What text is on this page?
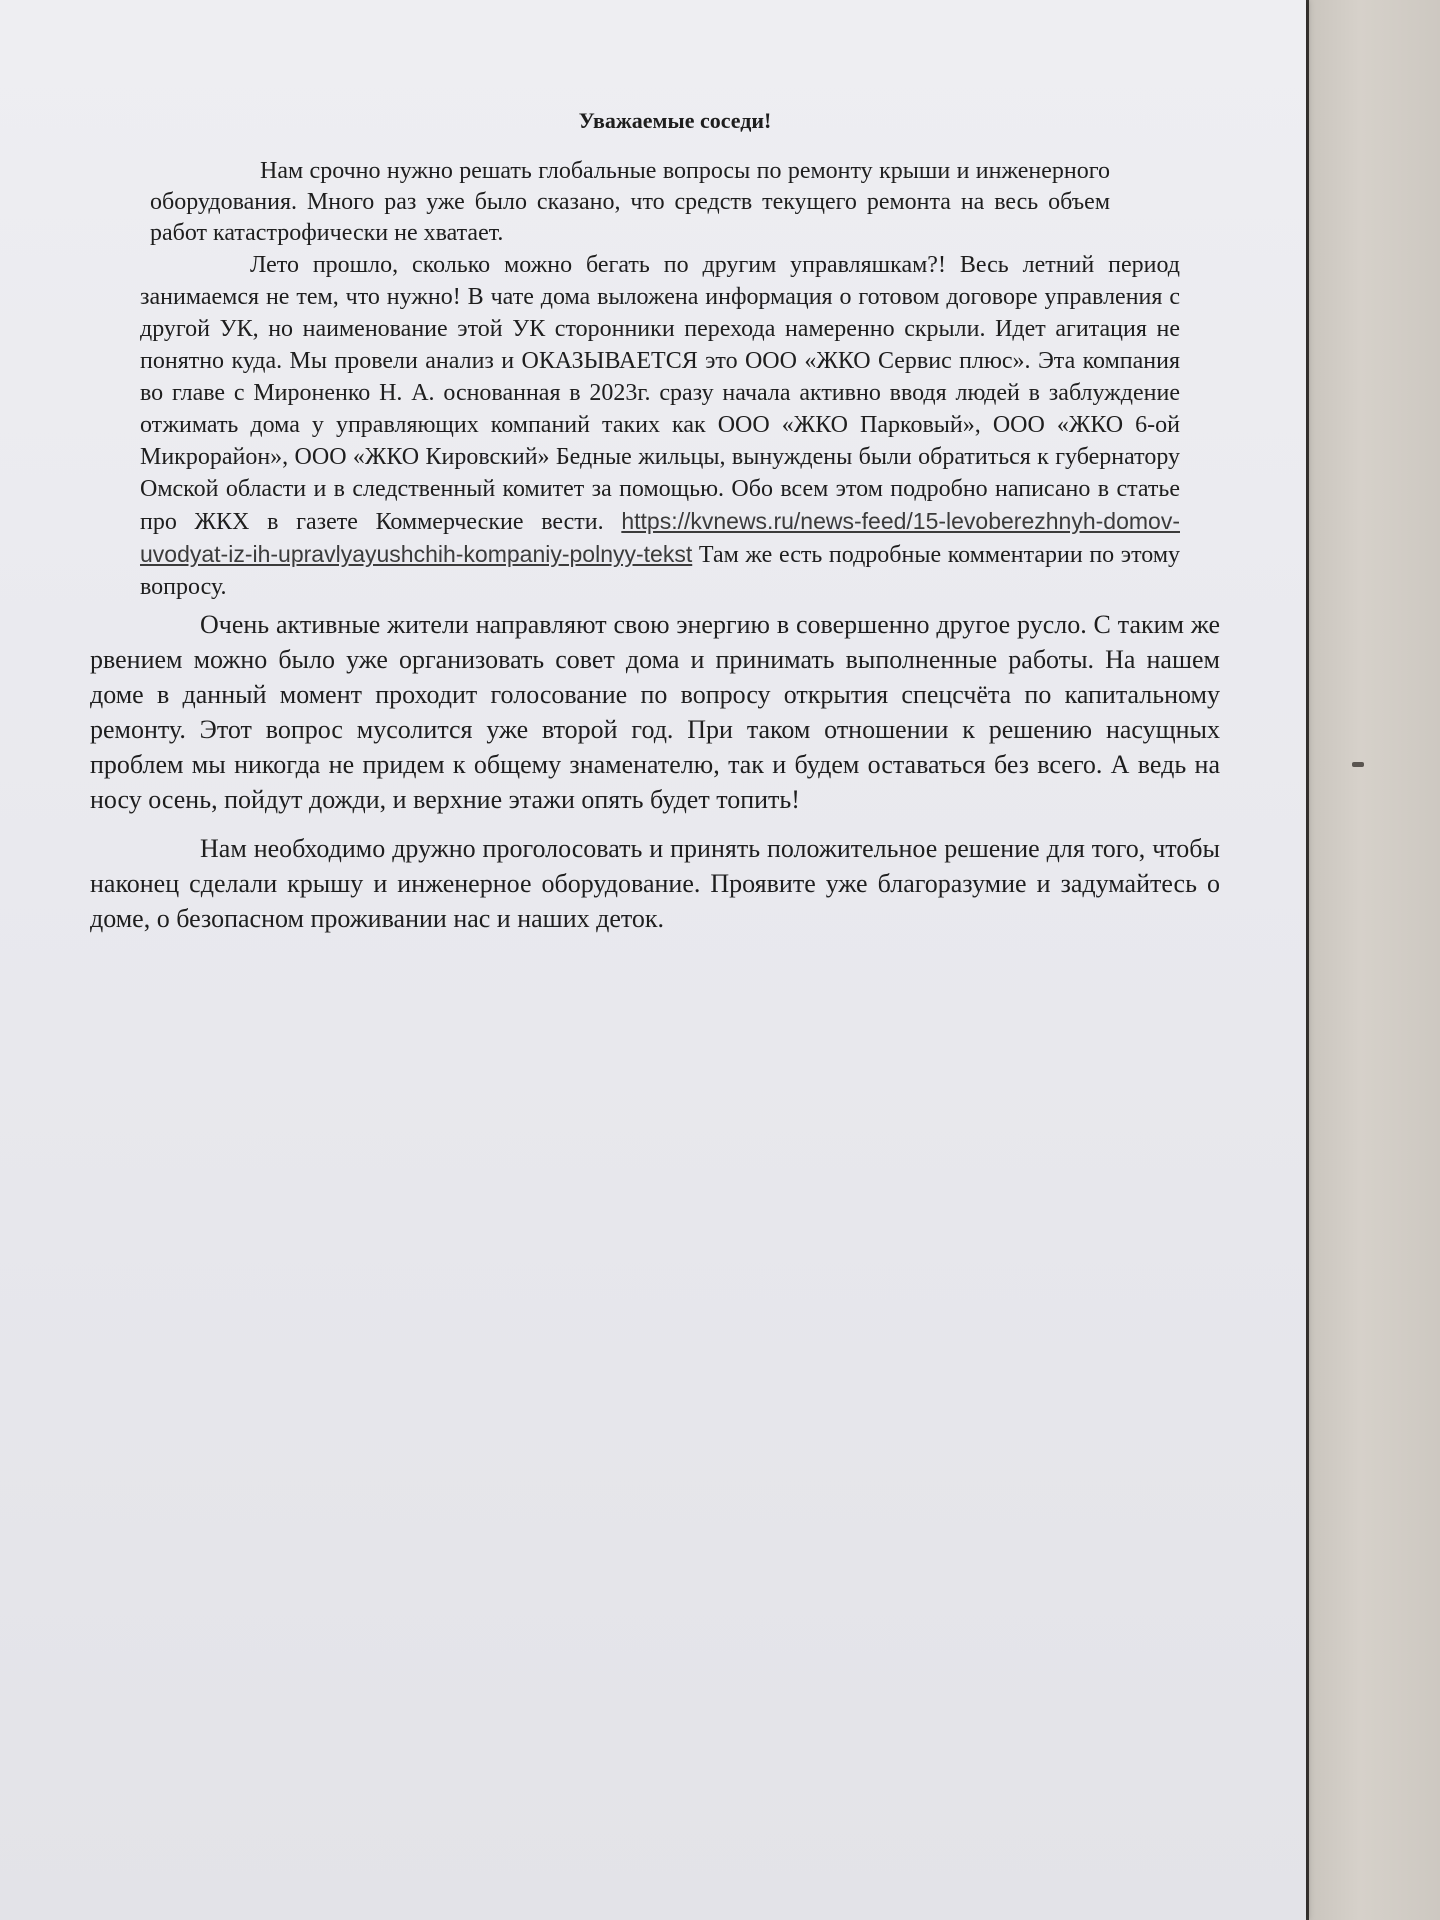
Уважаемые соседи!

Нам срочно нужно решать глобальные вопросы по ремонту крыши и инженерного оборудования. Много раз уже было сказано, что средств текущего ремонта на весь объем работ катастрофически не хватает.

Лето прошло, сколько можно бегать по другим управляшкам?! Весь летний период занимаемся не тем, что нужно! В чате дома выложена информация о готовом договоре управления с другой УК, но наименование этой УК сторонники перехода намеренно скрыли. Идет агитация не понятно куда. Мы провели анализ и ОКАЗЫВАЕТСЯ это ООО «ЖКО Сервис плюс». Эта компания во главе с Мироненко Н. А. основанная в 2023г. сразу начала активно вводя людей в заблуждение отжимать дома у управляющих компаний таких как ООО «ЖКО Парковый», ООО «ЖКО 6-ой Микрорайон», ООО «ЖКО Кировский» Бедные жильцы, вынуждены были обратиться к губернатору Омской области и в следственный комитет за помощью. Обо всем этом подробно написано в статье про ЖКХ в газете Коммерческие вести. https://kvnews.ru/news-feed/15-levoberezhnyh-domov-uvodyat-iz-ih-upravlyayushchih-kompaniy-polnyy-tekst Там же есть подробные комментарии по этому вопросу.

Очень активные жители направляют свою энергию в совершенно другое русло. С таким же рвением можно было уже организовать совет дома и принимать выполненные работы. На нашем доме в данный момент проходит голосование по вопросу открытия спецсчёта по капитальному ремонту. Этот вопрос мусолится уже второй год. При таком отношении к решению насущных проблем мы никогда не придем к общему знаменателю, так и будем оставаться без всего. А ведь на носу осень, пойдут дожди, и верхние этажи опять будет топить!

Нам необходимо дружно проголосовать и принять положительное решение для того, чтобы наконец сделали крышу и инженерное оборудование. Проявите уже благоразумие и задумайтесь о доме, о безопасном проживании нас и наших деток.
